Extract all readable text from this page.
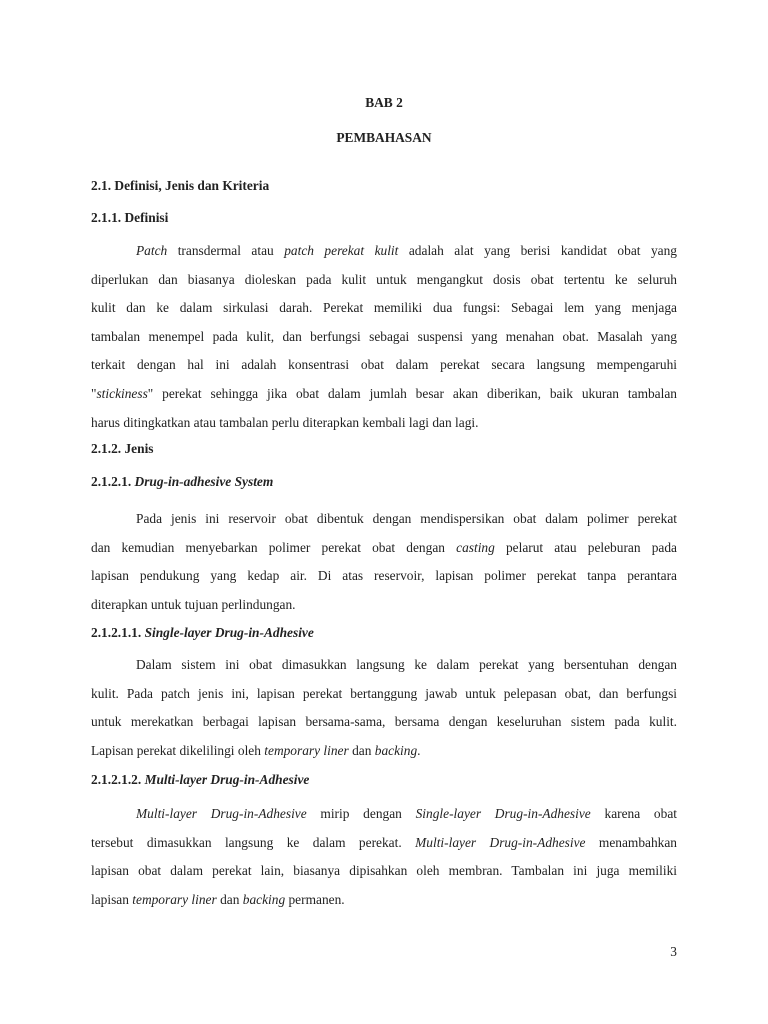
BAB 2
PEMBAHASAN
2.1. Definisi, Jenis dan Kriteria
2.1.1. Definisi
Patch transdermal atau patch perekat kulit adalah alat yang berisi kandidat obat yang
diperlukan dan biasanya dioleskan pada kulit untuk mengangkut dosis obat tertentu ke seluruh
kulit dan ke dalam sirkulasi darah. Perekat memiliki dua fungsi: Sebagai lem yang menjaga
tambalan menempel pada kulit, dan berfungsi sebagai suspensi yang menahan obat. Masalah yang
terkait dengan hal ini adalah konsentrasi obat dalam perekat secara langsung mempengaruhi
"stickiness" perekat sehingga jika obat dalam jumlah besar akan diberikan, baik ukuran tambalan
harus ditingkatkan atau tambalan perlu diterapkan kembali lagi dan lagi.
2.1.2. Jenis
2.1.2.1. Drug-in-adhesive System
Pada jenis ini reservoir obat dibentuk dengan mendispersikan obat dalam polimer perekat
dan kemudian menyebarkan polimer perekat obat dengan casting pelarut atau peleburan pada
lapisan pendukung yang kedap air. Di atas reservoir, lapisan polimer perekat tanpa perantara
diterapkan untuk tujuan perlindungan.
2.1.2.1.1. Single-layer Drug-in-Adhesive
Dalam sistem ini obat dimasukkan langsung ke dalam perekat yang bersentuhan dengan
kulit. Pada patch jenis ini, lapisan perekat bertanggung jawab untuk pelepasan obat, dan berfungsi
untuk merekatkan berbagai lapisan bersama-sama, bersama dengan keseluruhan sistem pada kulit.
Lapisan perekat dikelilingi oleh temporary liner dan backing.
2.1.2.1.2. Multi-layer Drug-in-Adhesive
Multi-layer Drug-in-Adhesive mirip dengan Single-layer Drug-in-Adhesive karena obat
tersebut dimasukkan langsung ke dalam perekat. Multi-layer Drug-in-Adhesive menambahkan
lapisan obat dalam perekat lain, biasanya dipisahkan oleh membran. Tambalan ini juga memiliki
lapisan temporary liner dan backing permanen.
3
